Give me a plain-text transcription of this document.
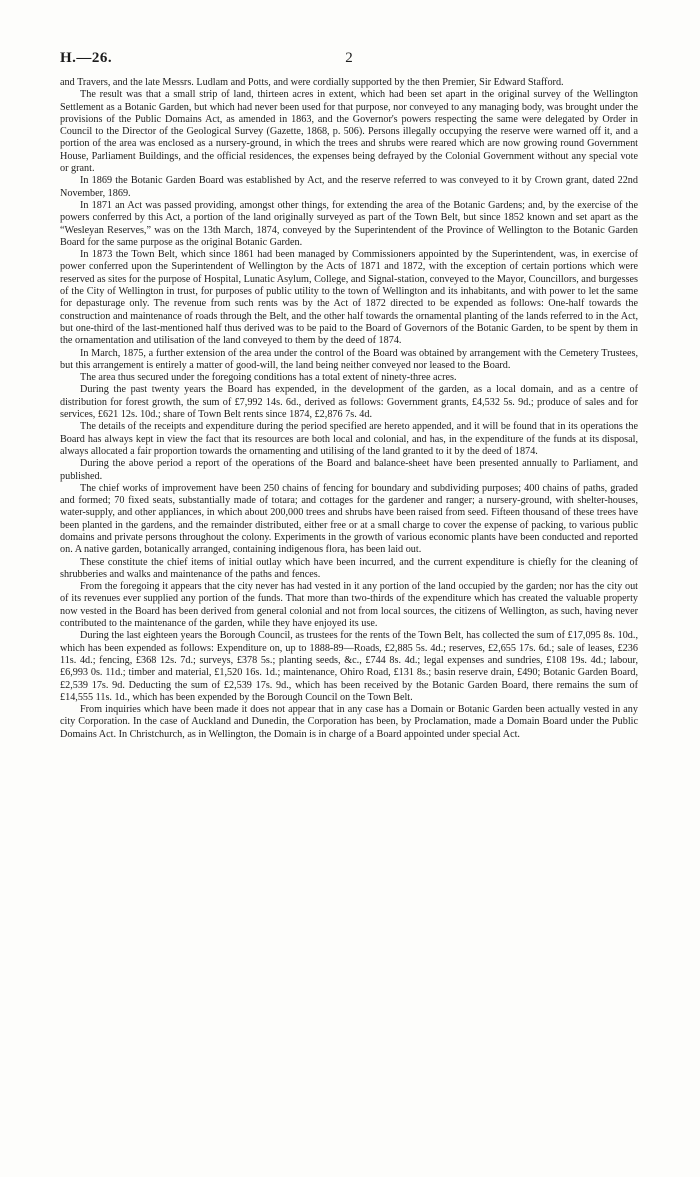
H.—26.	2

and Travers, and the late Messrs. Ludlam and Potts, and were cordially supported by the then Premier, Sir Edward Stafford.

The result was that a small strip of land, thirteen acres in extent, which had been set apart in the original survey of the Wellington Settlement as a Botanic Garden, but which had never been used for that purpose, nor conveyed to any managing body, was brought under the provisions of the Public Domains Act, as amended in 1863, and the Governor's powers respecting the same were delegated by Order in Council to the Director of the Geological Survey (Gazette, 1868, p. 506). Persons illegally occupying the reserve were warned off it, and a portion of the area was enclosed as a nursery-ground, in which the trees and shrubs were reared which are now growing round Government House, Parliament Buildings, and the official residences, the expenses being defrayed by the Colonial Government without any special vote or grant.

In 1869 the Botanic Garden Board was established by Act, and the reserve referred to was conveyed to it by Crown grant, dated 22nd November, 1869.

In 1871 an Act was passed providing, amongst other things, for extending the area of the Botanic Gardens; and, by the exercise of the powers conferred by this Act, a portion of the land originally surveyed as part of the Town Belt, but since 1852 known and set apart as the “Wesleyan Reserves,” was on the 13th March, 1874, conveyed by the Superintendent of the Province of Wellington to the Botanic Garden Board for the same purpose as the original Botanic Garden.

In 1873 the Town Belt, which since 1861 had been managed by Commissioners appointed by the Superintendent, was, in exercise of power conferred upon the Superintendent of Wellington by the Acts of 1871 and 1872, with the exception of certain portions which were reserved as sites for the purpose of Hospital, Lunatic Asylum, College, and Signal-station, conveyed to the Mayor, Councillors, and burgesses of the City of Wellington in trust, for purposes of public utility to the town of Wellington and its inhabitants, and with power to let the same for depasturage only. The revenue from such rents was by the Act of 1872 directed to be expended as follows: One-half towards the construction and maintenance of roads through the Belt, and the other half towards the ornamental planting of the lands referred to in the Act, but one-third of the last-mentioned half thus derived was to be paid to the Board of Governors of the Botanic Garden, to be spent by them in the ornamentation and utilisation of the land conveyed to them by the deed of 1874.

In March, 1875, a further extension of the area under the control of the Board was obtained by arrangement with the Cemetery Trustees, but this arrangement is entirely a matter of good-will, the land being neither conveyed nor leased to the Board.

The area thus secured under the foregoing conditions has a total extent of ninety-three acres.

During the past twenty years the Board has expended, in the development of the garden, as a local domain, and as a centre of distribution for forest growth, the sum of £7,992 14s. 6d., derived as follows: Government grants, £4,532 5s. 9d.; produce of sales and for services, £621 12s. 10d.; share of Town Belt rents since 1874, £2,876 7s. 4d.

The details of the receipts and expenditure during the period specified are hereto appended, and it will be found that in its operations the Board has always kept in view the fact that its resources are both local and colonial, and has, in the expenditure of the funds at its disposal, always allocated a fair proportion towards the ornamenting and utilising of the land granted to it by the deed of 1874.

During the above period a report of the operations of the Board and balance-sheet have been presented annually to Parliament, and published.

The chief works of improvement have been 250 chains of fencing for boundary and subdividing purposes; 400 chains of paths, graded and formed; 70 fixed seats, substantially made of totara; and cottages for the gardener and ranger; a nursery-ground, with shelter-houses, water-supply, and other appliances, in which about 200,000 trees and shrubs have been raised from seed. Fifteen thousand of these trees have been planted in the gardens, and the remainder distributed, either free or at a small charge to cover the expense of packing, to various public domains and private persons throughout the colony. Experiments in the growth of various economic plants have been conducted and reported on. A native garden, botanically arranged, containing indigenous flora, has been laid out.

These constitute the chief items of initial outlay which have been incurred, and the current expenditure is chiefly for the cleaning of shrubberies and walks and maintenance of the paths and fences.

From the foregoing it appears that the city never has had vested in it any portion of the land occupied by the garden; nor has the city out of its revenues ever supplied any portion of the funds. That more than two-thirds of the expenditure which has created the valuable property now vested in the Board has been derived from general colonial and not from local sources, the citizens of Wellington, as such, having never contributed to the maintenance of the garden, while they have enjoyed its use.

During the last eighteen years the Borough Council, as trustees for the rents of the Town Belt, has collected the sum of £17,095 8s. 10d., which has been expended as follows: Expenditure on, up to 1888-89—Roads, £2,885 5s. 4d.; reserves, £2,655 17s. 6d.; sale of leases, £236 11s. 4d.; fencing, £368 12s. 7d.; surveys, £378 5s.; planting seeds, &c., £744 8s. 4d.; legal expenses and sundries, £108 19s. 4d.; labour, £6,993 0s. 11d.; timber and material, £1,520 16s. 1d.; maintenance, Ohiro Road, £131 8s.; basin reserve drain, £490; Botanic Garden Board, £2,539 17s. 9d. Deducting the sum of £2,539 17s. 9d., which has been received by the Botanic Garden Board, there remains the sum of £14,555 11s. 1d., which has been expended by the Borough Council on the Town Belt.

From inquiries which have been made it does not appear that in any case has a Domain or Botanic Garden been actually vested in any city Corporation. In the case of Auckland and Dunedin, the Corporation has been, by Proclamation, made a Domain Board under the Public Domains Act. In Christchurch, as in Wellington, the Domain is in charge of a Board appointed under special Act.
